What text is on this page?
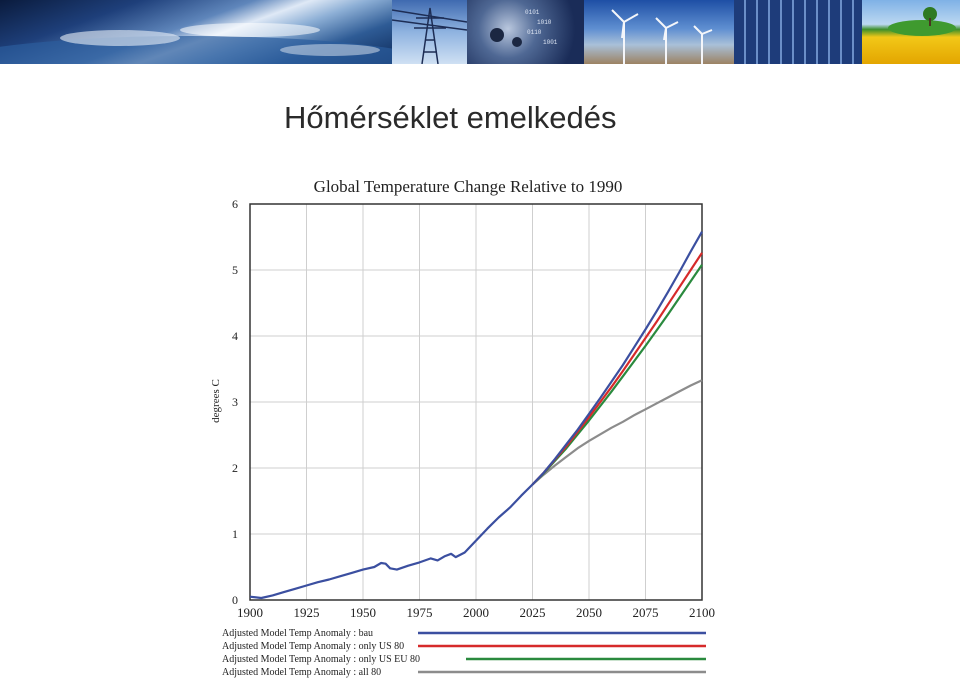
0101
1010
0110
1001
Hőmérséklet emelkedés
Global Temperature Change Relative to 1990
degrees C
1900 1925 1950 1975 2000 2025 2050 2075 2100
0
1
2
3
4
5
6
Adjusted Model Temp Anomaly : bau
Adjusted Model Temp Anomaly : only US 80
Adjusted Model Temp Anomaly : only US EU 80
Adjusted Model Temp Anomaly : all 80
